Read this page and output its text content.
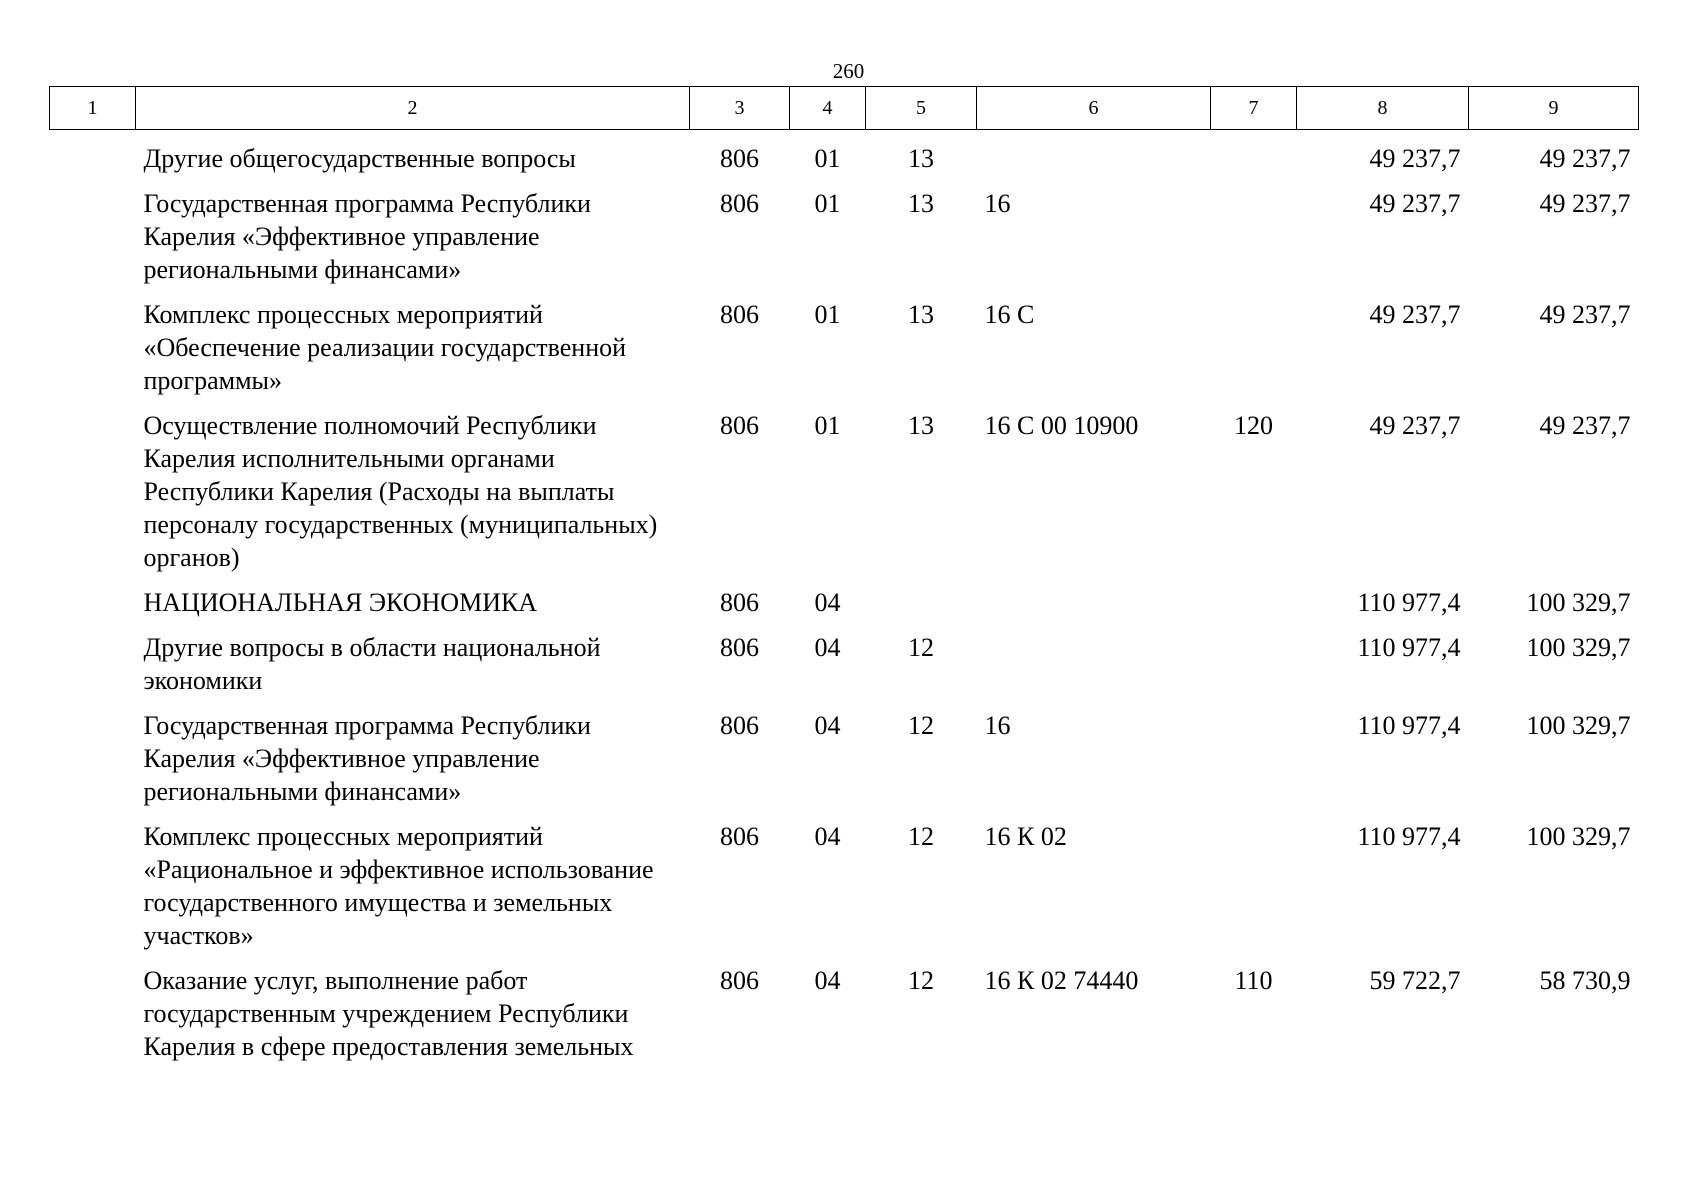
260
1	2	3	4	5	6	7	8	9
	Другие общегосударственные вопросы	806	01	13			49 237,7	49 237,7
	Государственная программа Республики Карелия «Эффективное управление региональными финансами»	806	01	13	16		49 237,7	49 237,7
	Комплекс процессных мероприятий «Обеспечение реализации государственной программы»	806	01	13	16 С		49 237,7	49 237,7
	Осуществление полномочий Республики Карелия исполнительными органами Республики Карелия (Расходы на выплаты персоналу государственных (муниципальных) органов)	806	01	13	16 С 00 10900	120	49 237,7	49 237,7
	НАЦИОНАЛЬНАЯ ЭКОНОМИКА	806	04				110 977,4	100 329,7
	Другие вопросы в области национальной экономики	806	04	12			110 977,4	100 329,7
	Государственная программа Республики Карелия «Эффективное управление региональными финансами»	806	04	12	16		110 977,4	100 329,7
	Комплекс процессных мероприятий «Рациональное и эффективное использование государственного имущества и земельных участков»	806	04	12	16 К 02		110 977,4	100 329,7
	Оказание услуг, выполнение работ государственным учреждением Республики Карелия в сфере предоставления земельных	806	04	12	16 К 02 74440	110	59 722,7	58 730,9
